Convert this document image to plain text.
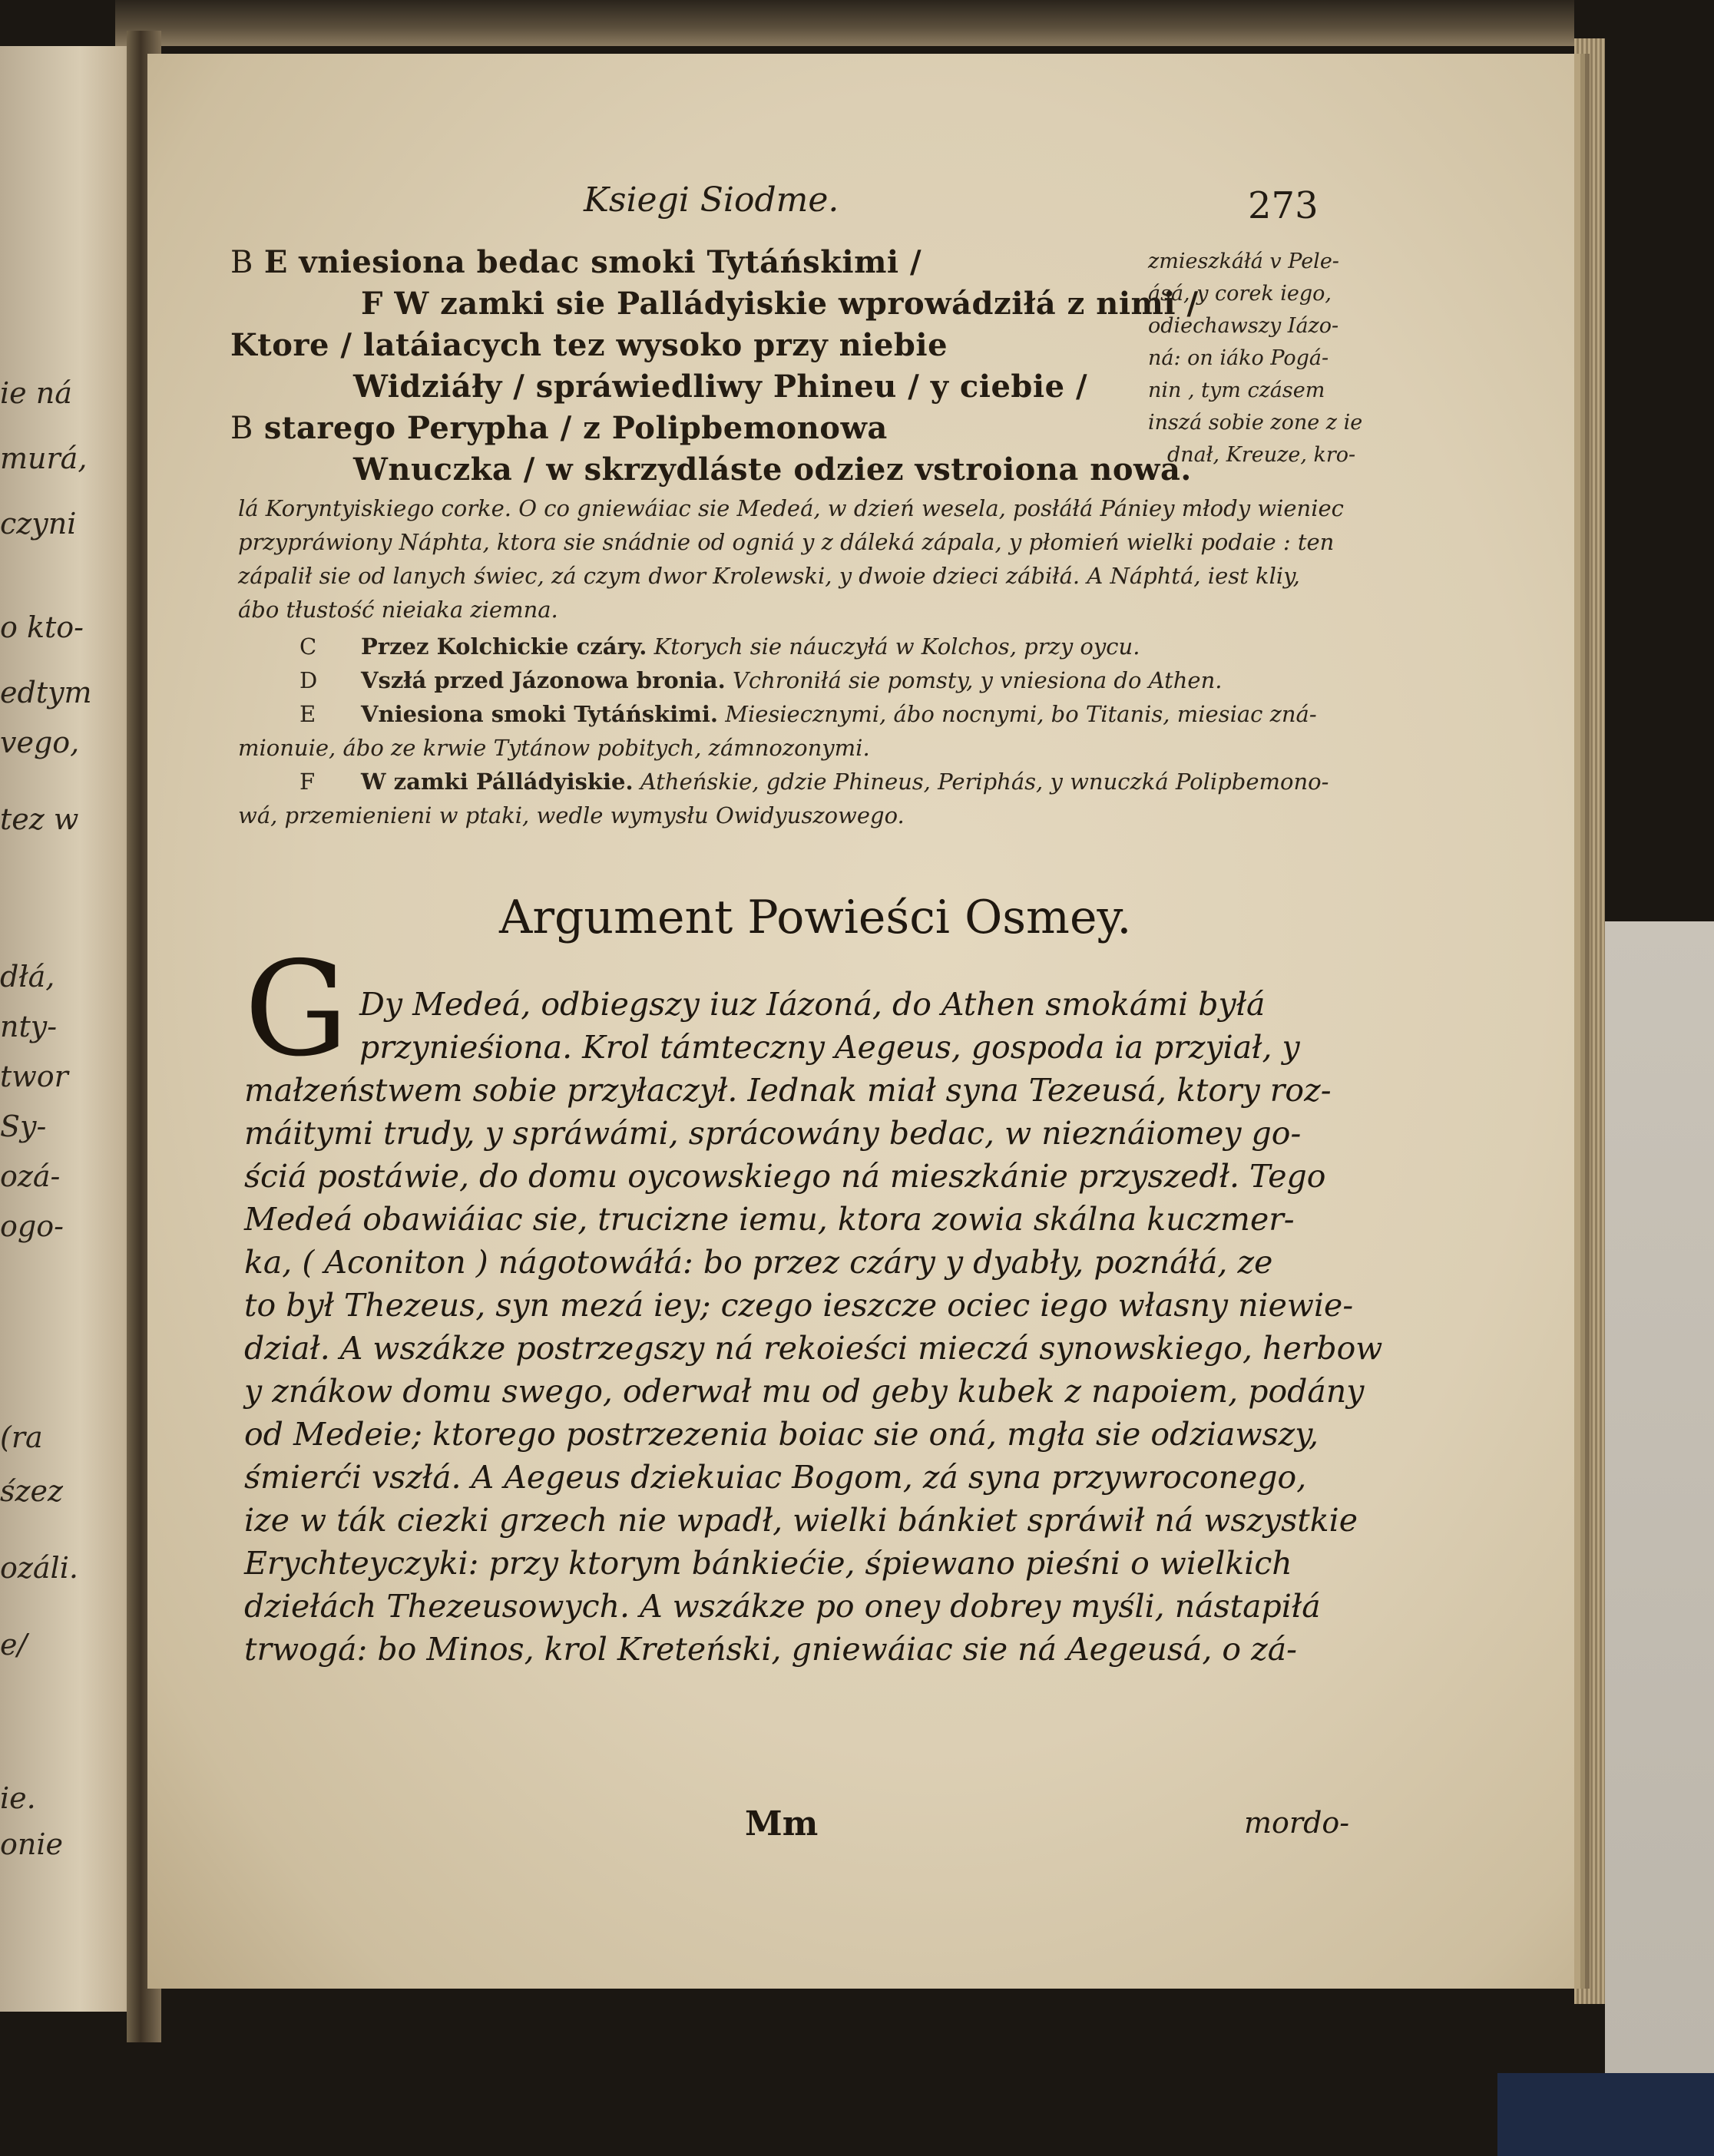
ie ná
murá,
czyni
o kto-
edtym
vego,
tez w
dłá,
nty-
twor
Sy-
ozá-
ogo-
(ra
śzez
ozáli.
e/
ie.
onie
Ksiegi Siodme.	273
B E vniesiona bedac smoki Tytáńskimi /
F W zamki sie Palládyiskie wprowádziłá z nimi /
Ktore / latáiacych tez wysoko przy niebie
Widziáły / spráwiedliwy Phineu / y ciebie /
B starego Perypha / z Polipbemonowa
Wnuczka / w skrzydláste odziez vstroiona nowa.
zmieszkáłá v Pele-
ásá, y corek iego,
odiechawszy Iázo-
ná: on iáko Pogá-
nin , tym czásem
inszá sobie zone z ie
dnał, Kreuze, kro-
lá Koryntyiskiego corke. O co gniewáiac sie Medeá, w dzień wesela, posłáłá Pániey młody wieniec
przypráwiony Náphta, ktora sie snádnie od ogniá y z dáleká zápala, y płomień wielki podaie : ten
zápalił sie od lanych świec, zá czym dwor Krolewski, y dwoie dzieci zábiłá. A Náphtá, iest kliy,
ábo tłustość nieiaka ziemna.
C Przez Kolchickie czáry. Ktorych sie náuczyłá w Kolchos, przy oycu.
D Vszłá przed Jázonowa bronia. Vchroniłá sie pomsty, y vniesiona do Athen.
E Vniesiona smoki Tytáńskimi. Miesiecznymi, ábo nocnymi, bo Titanis, miesiac zná-
mionuie, ábo ze krwie Tytánow pobitych, zámnozonymi.
F W zamki Pálládyiskie. Atheńskie, gdzie Phineus, Periphás, y wnuczká Polipbemono-
wá, przemienieni w ptaki, wedle wymysłu Owidyuszowego.
Argument Powieści Osmey.
G Dy Medeá, odbiegszy iuz Iázoná, do Athen smokámi byłá
przynieśiona. Krol támteczny Aegeus, gospoda ia przyiał, y
małzeństwem sobie przyłaczył. Iednak miał syna Tezeusá, ktory roz-
máitymi trudy, y spráwámi, sprácowány bedac, w nieznáiomey go-
ściá postáwie, do domu oycowskiego ná mieszkánie przyszedł. Tego
Medeá obawiáiac sie, trucizne iemu, ktora zowia skálna kuczmer-
ka, ( Aconiton ) nágotowáłá: bo przez czáry y dyabły, poznáłá, ze
to był Thezeus, syn mezá iey; czego ieszcze ociec iego własny niewie-
dział. A wszákze postrzegszy ná rekoieści mieczá synowskiego, herbow
y znákow domu swego, oderwał mu od geby kubek z napoiem, podány
od Medeie; ktorego postrzezenia boiac sie oná, mgła sie odziawszy,
śmierći vszłá. A Aegeus dziekuiac Bogom, zá syna przywroconego,
ize w ták ciezki grzech nie wpadł, wielki bánkiet spráwił ná wszystkie
Erychteyczyki: przy ktorym bánkiećie, śpiewano pieśni o wielkich
dziełách Thezeusowych. A wszákze po oney dobrey myśli, nástapiłá
trwogá: bo Minos, krol Kreteński, gniewáiac sie ná Aegeusá, o zá-
Mm	mordo-
